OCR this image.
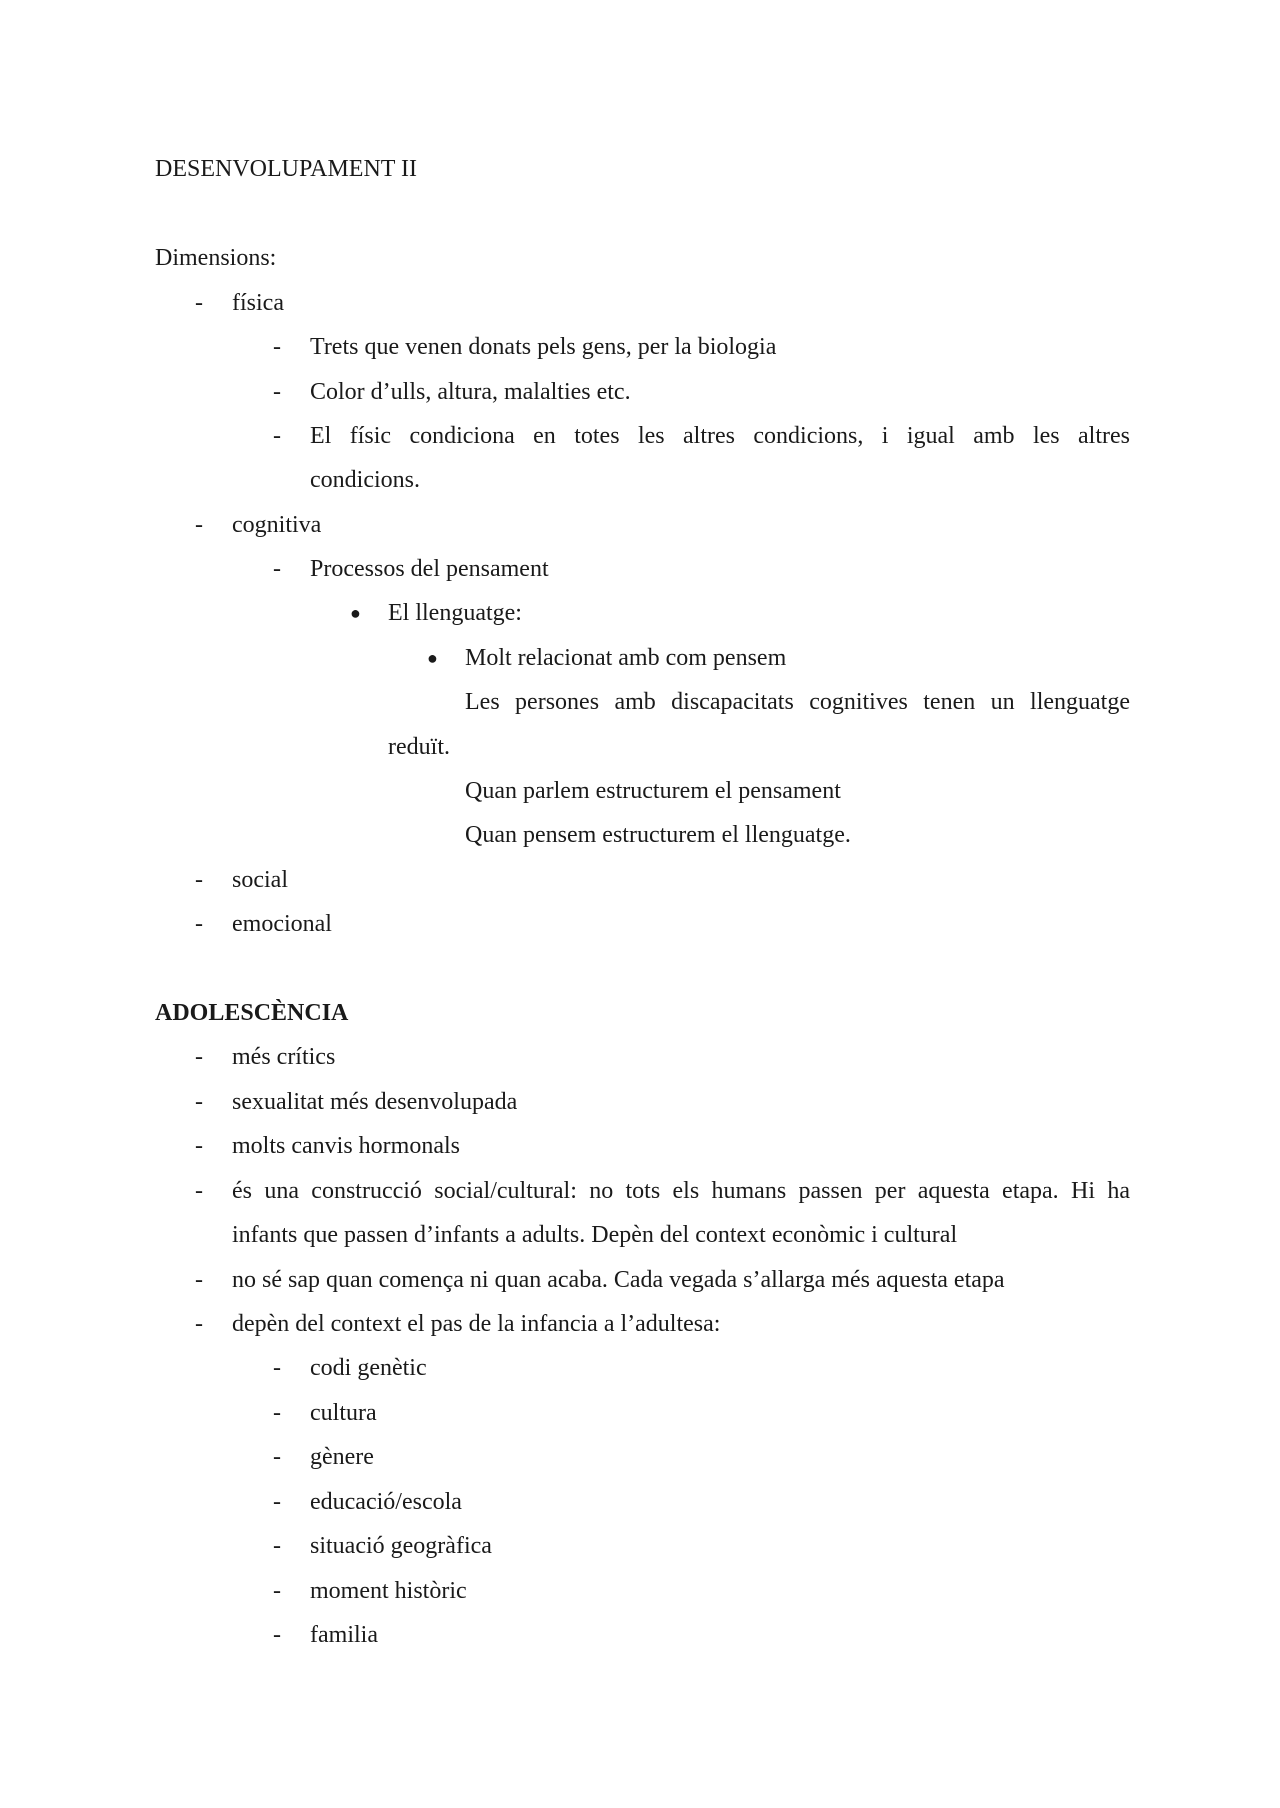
DESENVOLUPAMENT II
Dimensions:
- física
- Trets que venen donats pels gens, per la biologia
- Color d’ulls, altura, malalties etc.
- El físic condiciona en totes les altres condicions, i igual amb les altres
condicions.
- cognitiva
- Processos del pensament
● El llenguatge:
● Molt relacionat amb com pensem
Les persones amb discapacitats cognitives tenen un llenguatge
reduït.
Quan parlem estructurem el pensament
Quan pensem estructurem el llenguatge.
- social
- emocional
ADOLESCÈNCIA
- més crítics
- sexualitat més desenvolupada
- molts canvis hormonals
- és una construcció social/cultural: no tots els humans passen per aquesta etapa. Hi ha
infants que passen d’infants a adults. Depèn del context econòmic i cultural
- no sé sap quan comença ni quan acaba. Cada vegada s’allarga més aquesta etapa
- depèn del context el pas de la infancia a l’adultesa:
- codi genètic
- cultura
- gènere
- educació/escola
- situació geogràfica
- moment històric
- familia
